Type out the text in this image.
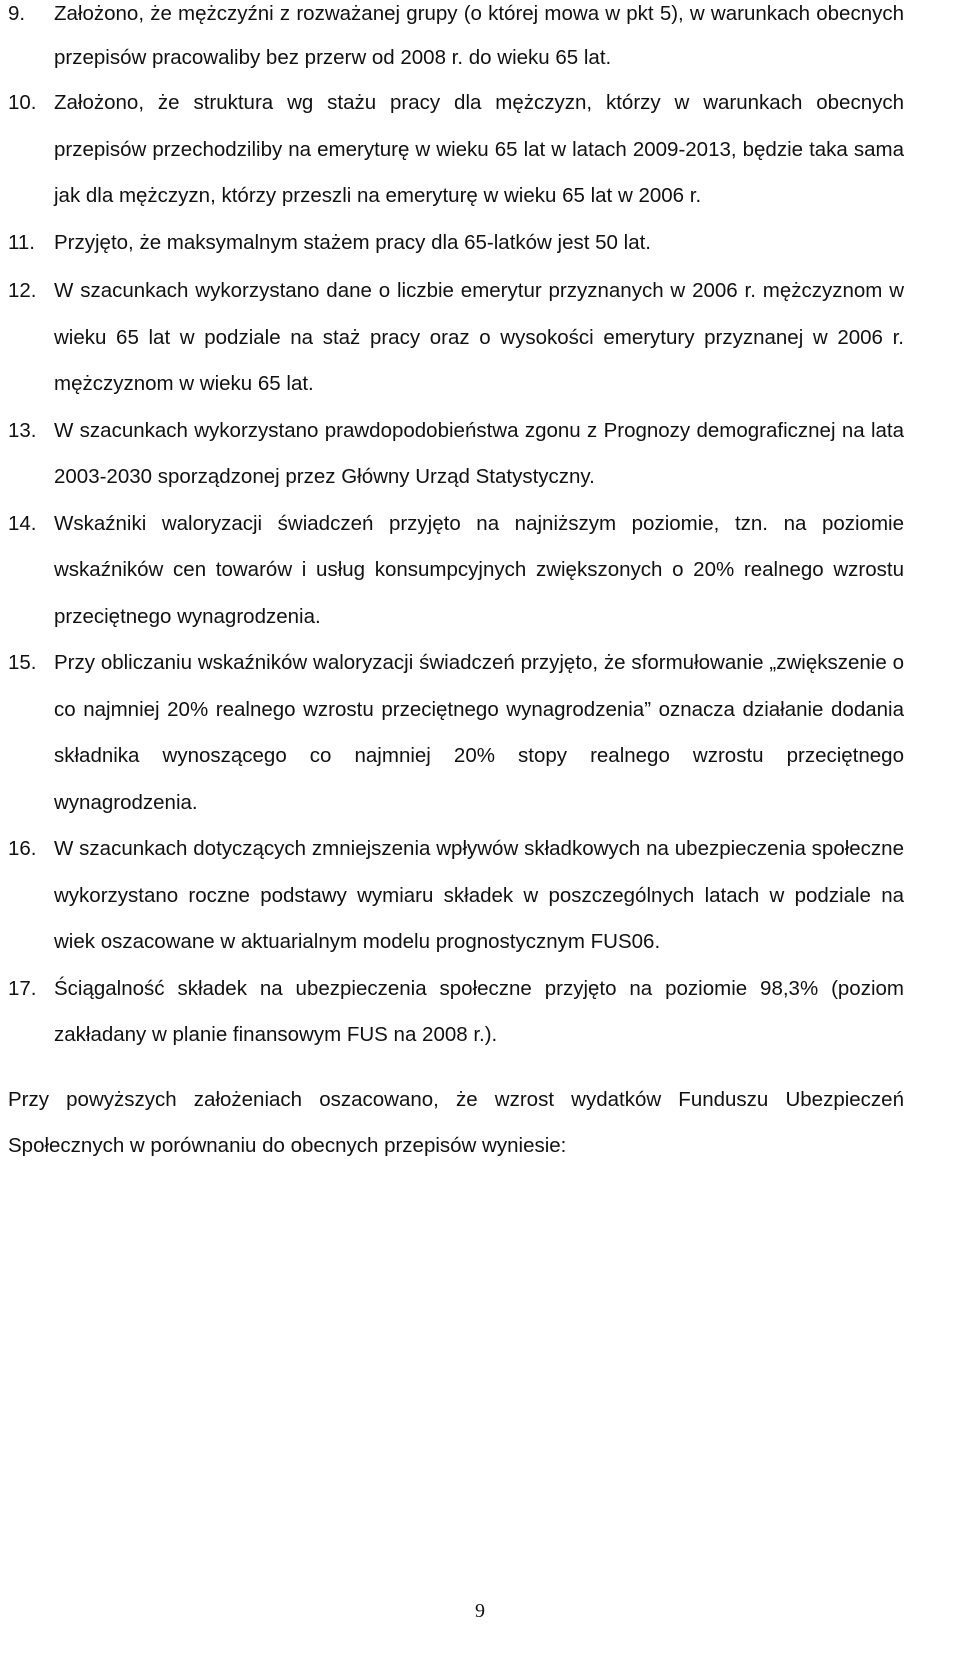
9. Założono, że mężczyźni z rozważanej grupy (o której mowa w pkt 5), w warunkach obecnych przepisów pracowaliby bez przerw od 2008 r. do wieku 65 lat.
10. Założono, że struktura wg stażu pracy dla mężczyzn, którzy w warunkach obecnych przepisów przechodziliby na emeryturę w wieku 65 lat w latach 2009-2013, będzie taka sama jak dla mężczyzn, którzy przeszli na emeryturę w wieku 65 lat w 2006 r.
11. Przyjęto, że maksymalnym stażem pracy dla 65-latków jest 50 lat.
12. W szacunkach wykorzystano dane o liczbie emerytur przyznanych w 2006 r. mężczyznom w wieku 65 lat w podziale na staż pracy oraz o wysokości emerytury przyznanej w 2006 r. mężczyznom w wieku 65 lat.
13. W szacunkach wykorzystano prawdopodobieństwa zgonu z Prognozy demograficznej na lata 2003-2030 sporządzonej przez Główny Urząd Statystyczny.
14. Wskaźniki waloryzacji świadczeń przyjęto na najniższym poziomie, tzn. na poziomie wskaźników cen towarów i usług konsumpcyjnych zwiększonych o 20% realnego wzrostu przeciętnego wynagrodzenia.
15. Przy obliczaniu wskaźników waloryzacji świadczeń przyjęto, że sformułowanie „zwiększenie o co najmniej 20% realnego wzrostu przeciętnego wynagrodzenia” oznacza działanie dodania składnika wynoszącego co najmniej 20% stopy realnego wzrostu przeciętnego wynagrodzenia.
16. W szacunkach dotyczących zmniejszenia wpływów składkowych na ubezpieczenia społeczne wykorzystano roczne podstawy wymiaru składek w poszczególnych latach w podziale na wiek oszacowane w aktuarialnym modelu prognostycznym FUS06.
17. Ściągalność składek na ubezpieczenia społeczne przyjęto na poziomie 98,3% (poziom zakładany w planie finansowym FUS na 2008 r.).

Przy powyższych założeniach oszacowano, że wzrost wydatków Funduszu Ubezpieczeń Społecznych w porównaniu do obecnych przepisów wyniesie:

9
